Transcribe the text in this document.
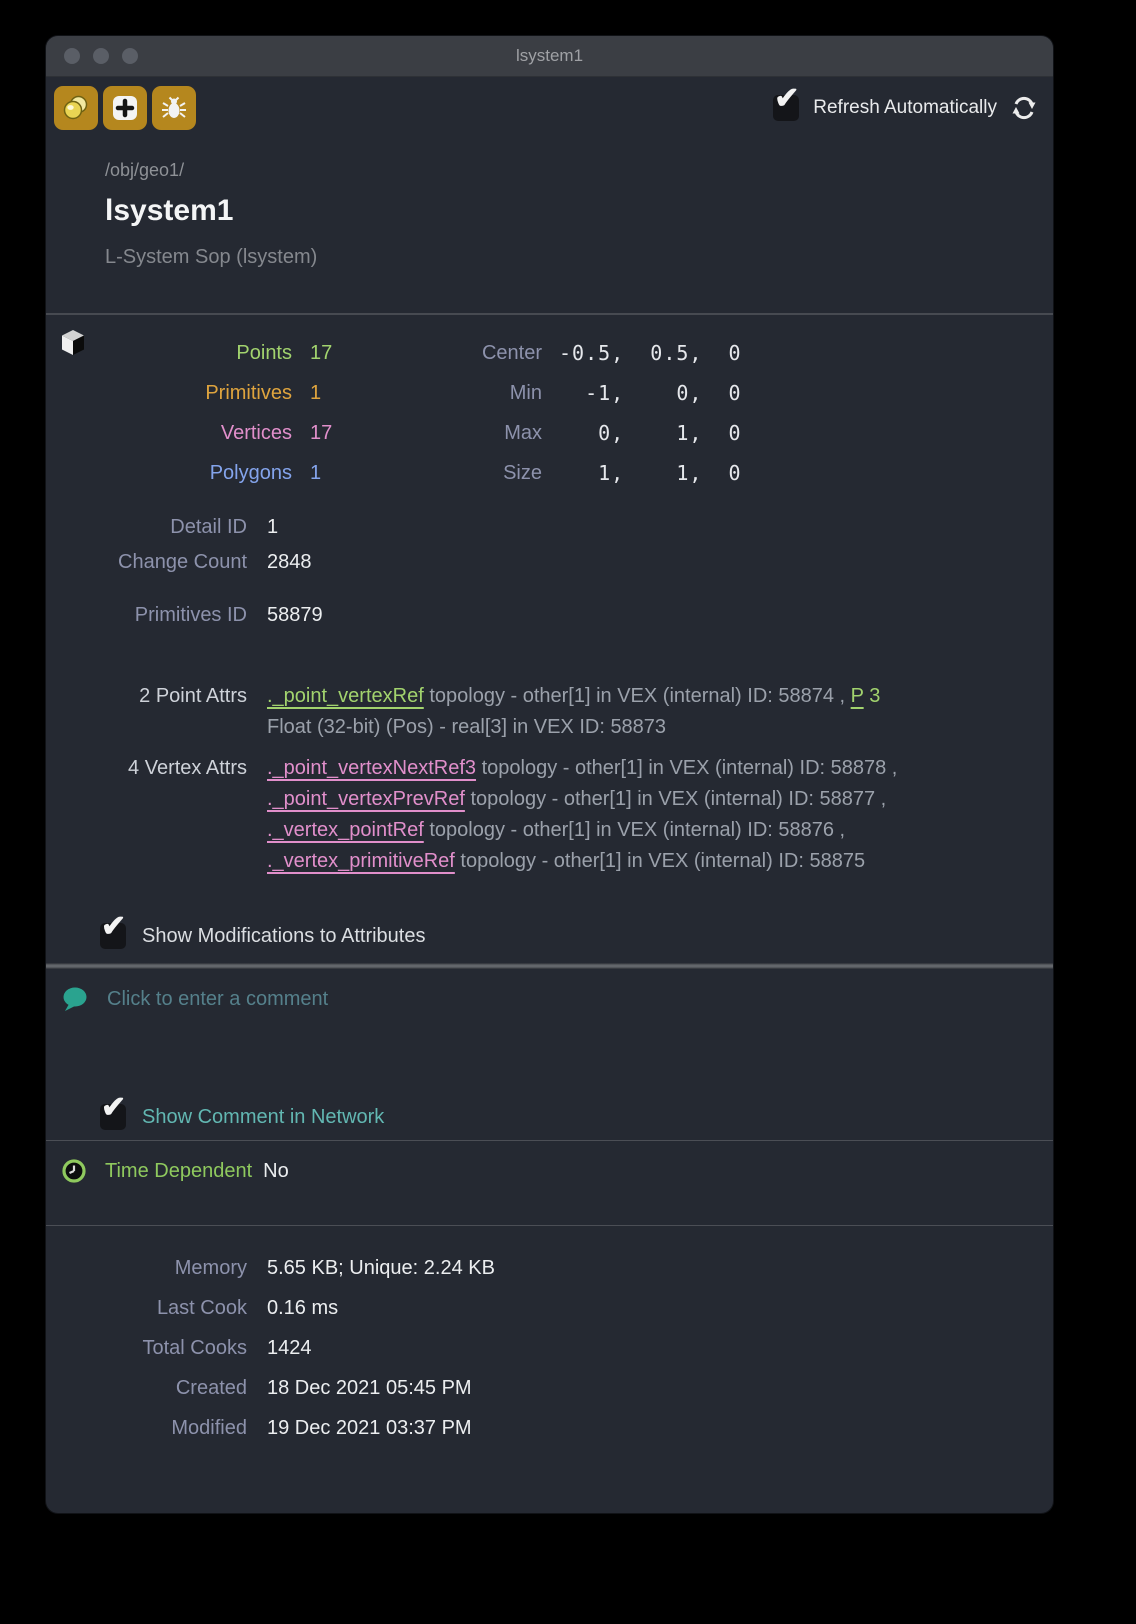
lsystem1
✔ Refresh Automatically
/obj/geo1/
lsystem1
L-System Sop (lsystem)
Points 17	Center -0.5,  0.5,  0
Primitives 1	Min -1,    0,  0
Vertices 17	Max 0,    1,  0
Polygons 1	Size 1,    1,  0
Detail ID	1
Change Count	2848
Primitives ID	58879
2 Point Attrs	._point_vertexRef topology - other[1] in VEX (internal) ID: 58874 , P 3
Float (32-bit) (Pos) - real[3] in VEX ID: 58873
4 Vertex Attrs ._point_vertexNextRef3 topology - other[1] in VEX (internal) ID: 58878 ,
._point_vertexPrevRef topology - other[1] in VEX (internal) ID: 58877 ,
._vertex_pointRef topology - other[1] in VEX (internal) ID: 58876 ,
._vertex_primitiveRef topology - other[1] in VEX (internal) ID: 58875
✔ Show Modifications to Attributes
Click to enter a comment
✔ Show Comment in Network
Time Dependent No
Memory	5.65 KB; Unique: 2.24 KB
Last Cook	0.16 ms
Total Cooks	1424
Created	18 Dec 2021 05:45 PM
Modified	19 Dec 2021 03:37 PM
